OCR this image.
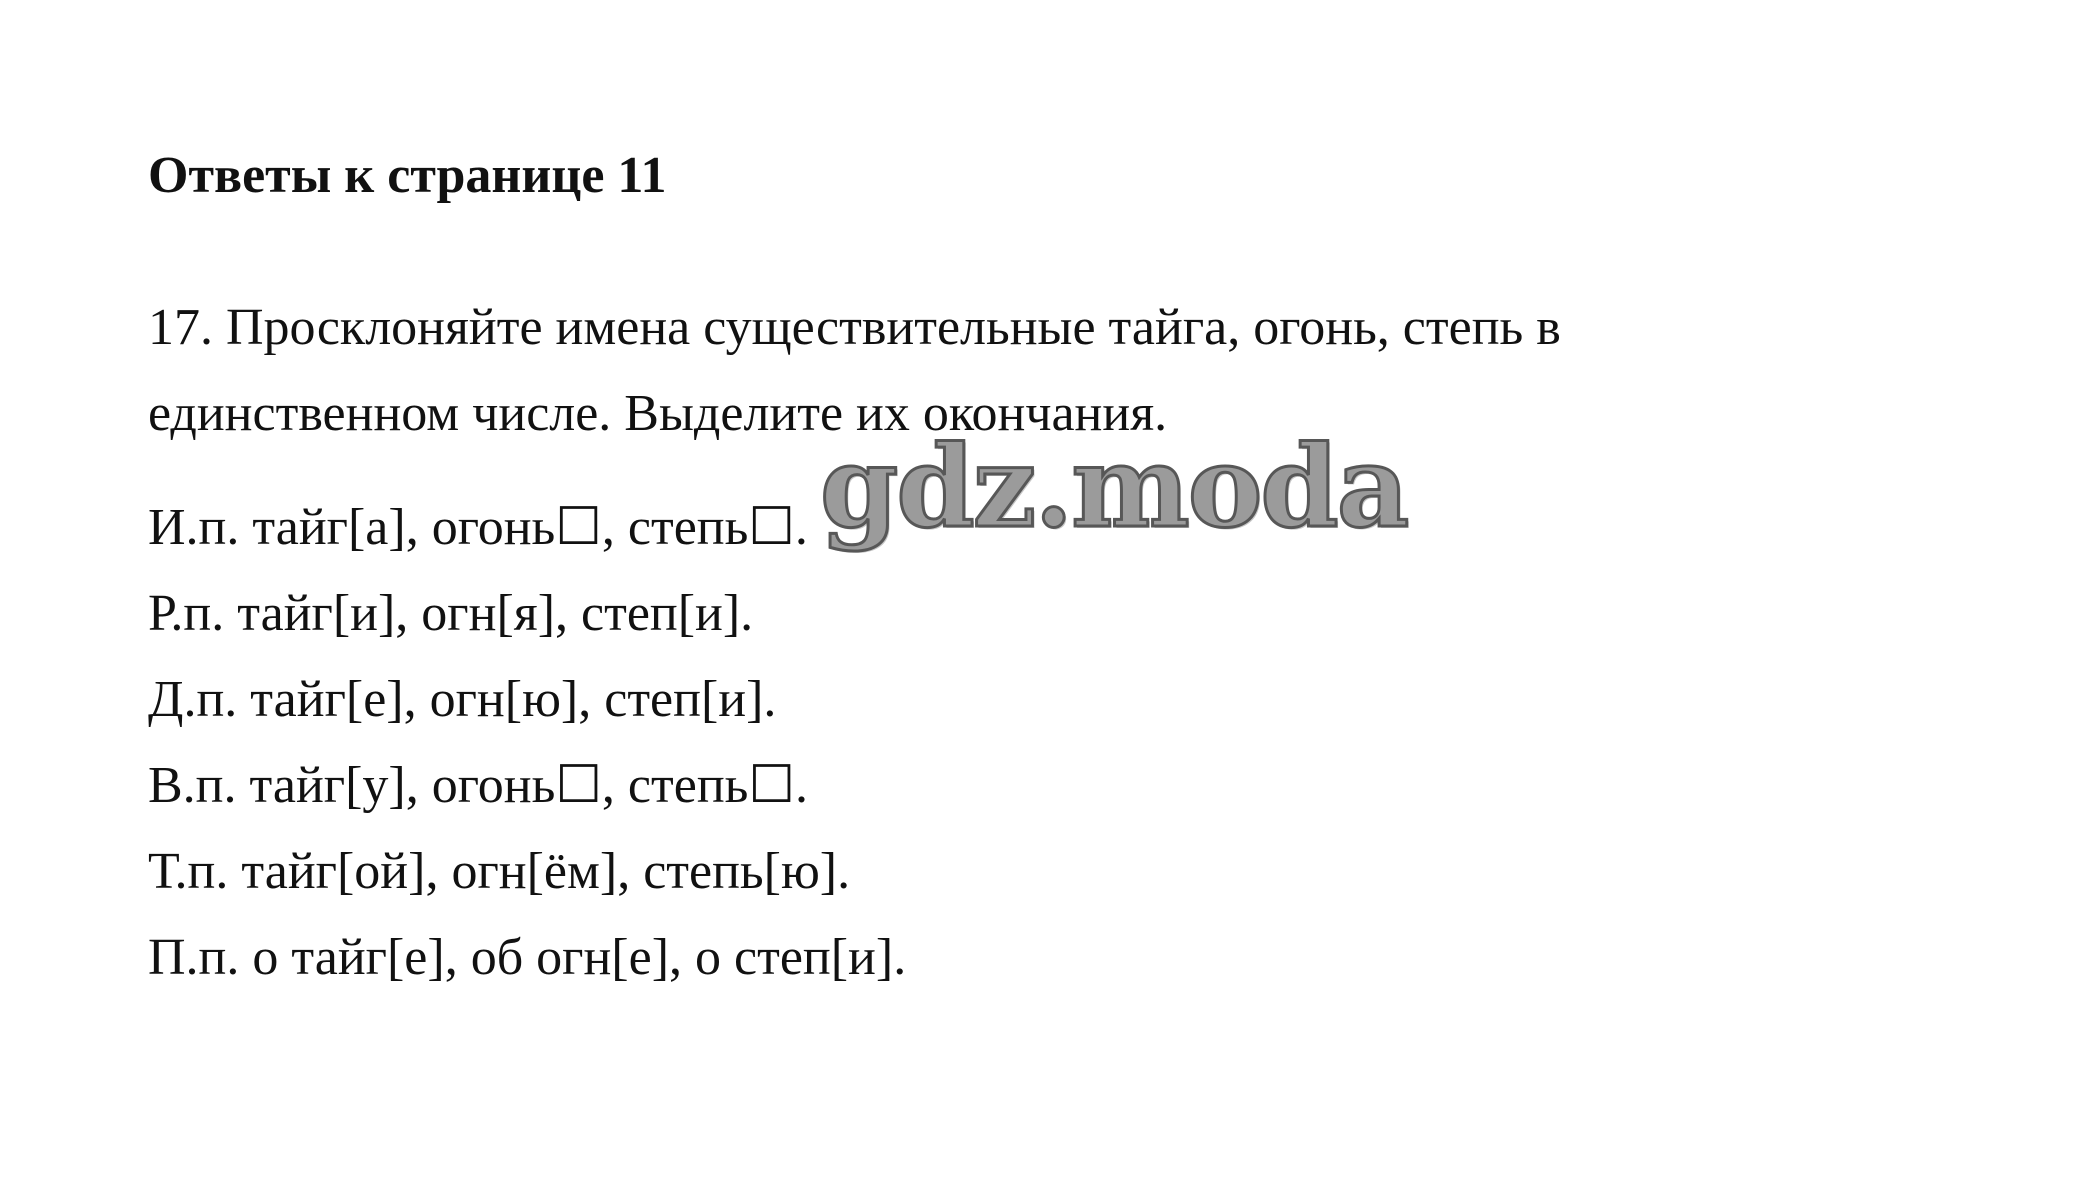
Ответы к странице 11

17. Просклоняйте имена существительные тайга, огонь, степь в единственном числе. Выделите их окончания.

И.п. тайг[а], огонь☐, степь☐.
Р.п. тайг[и], огн[я], степ[и].
Д.п. тайг[е], огн[ю], степ[и].
В.п. тайг[у], огонь☐, степь☐.
Т.п. тайг[ой], огн[ём], степь[ю].
П.п. о тайг[е], об огн[е], о степ[и].
gdz.moda
